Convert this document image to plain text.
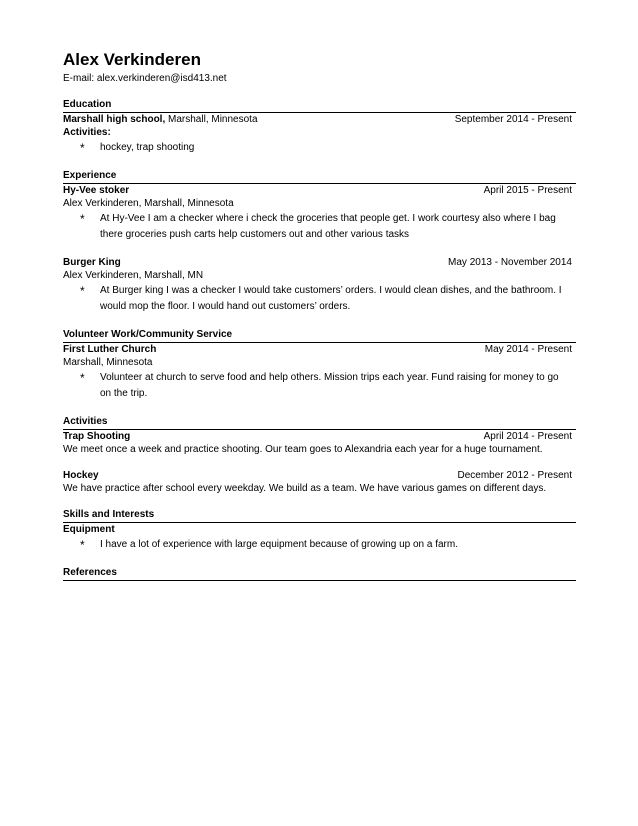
Alex Verkinderen
E-mail: alex.verkinderen@isd413.net
Education
Marshall high school, Marshall, Minnesota	September 2014 - Present
Activities:
*	hockey, trap shooting
Experience
Hy-Vee stoker	April 2015 - Present
Alex Verkinderen, Marshall, Minnesota
*	At Hy-Vee I am a checker where i check the groceries that people get. I work courtesy also where I bag there groceries push carts help customers out and other various tasks
Burger King	May 2013 - November 2014
Alex Verkinderen, Marshall, MN
*	At Burger king I was a checker I would take customers’ orders. I would clean dishes, and the bathroom. I would mop the floor. I would hand out customers’ orders.
Volunteer Work/Community Service
First Luther Church	May 2014 - Present
Marshall, Minnesota
*	Volunteer at church to serve food and help others. Mission trips each year. Fund raising for money to go on the trip.
Activities
Trap Shooting	April 2014 - Present
We meet once a week and practice shooting. Our team goes to Alexandria each year for a huge tournament.
Hockey	December 2012 - Present
We have practice after school every weekday. We build as a team. We have various games on different days.
Skills and Interests
Equipment
*	I have a lot of experience with large equipment because of growing up on a farm.
References
